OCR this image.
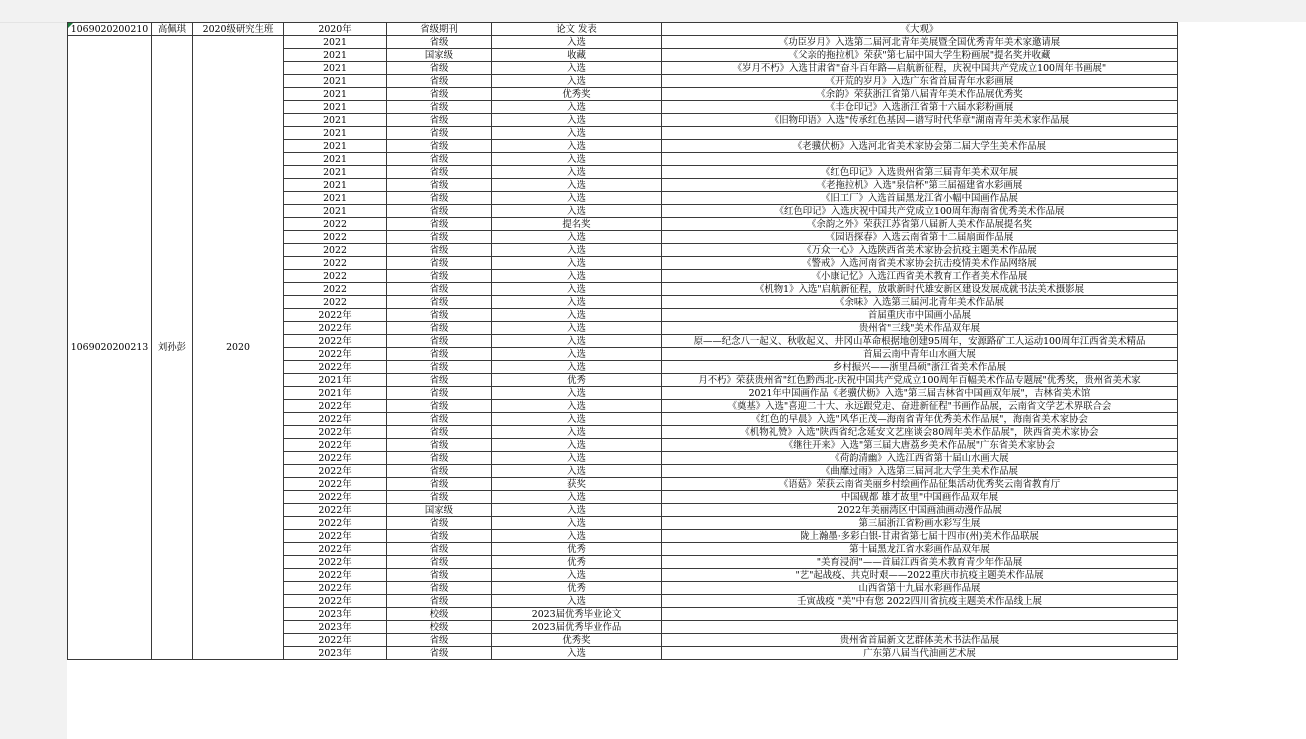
1069020200210	高佩琪	2020级研究生班	2020年	省级期刊	论文 发表	《大观》
1069020200213	刘孙彭	2020	2021	省级	入选	《功臣岁月》入选第二届河北青年美展暨全国优秀青年美术家邀请展
			2021	国家级	收藏	《父亲的拖拉机》荣获"第七届中国大学生粉画展"提名奖并收藏
			2021	省级	入选	《岁月不朽》入选甘肃省"奋斗百年路—启航新征程，庆祝中国共产党成立100周年书画展"
			2021	省级	入选	《开荒的岁月》入选广东省首届青年水彩画展
			2021	省级	优秀奖	《余韵》荣获浙江省第八届青年美术作品展优秀奖
			2021	省级	入选	《丰仓印记》入选浙江省第十六届水彩粉画展
			2021	省级	入选	《旧物印语》入选"传承红色基因—谱写时代华章"湖南青年美术家作品展
			2021	省级	入选	
			2021	省级	入选	《老骥伏枥》入选河北省美术家协会第二届大学生美术作品展
			2021	省级	入选	
			2021	省级	入选	《红色印记》入选贵州省第三届青年美术双年展
			2021	省级	入选	《老拖拉机》入选"泉信杯"第三届福建省水彩画展
			2021	省级	入选	《旧工厂》入选首届黑龙江省小幅中国画作品展
			2021	省级	入选	《红色印记》入选庆祝中国共产党成立100周年海南省优秀美术作品展
			2022	省级	提名奖	《余韵之外》荣获江苏省第八届新人美术作品展提名奖
			2022	省级	入选	《园语探春》入选云南省第十二届扇面作品展
			2022	省级	入选	《万众一心》入选陕西省美术家协会抗疫主题美术作品展
			2022	省级	入选	《警戒》入选河南省美术家协会抗击疫情美术作品网络展
			2022	省级	入选	《小康记忆》入选江西省美术教育工作者美术作品展
			2022	省级	入选	《机物1》入选"启航新征程，放歌新时代雄安新区建设发展成就书法美术摄影展
			2022	省级	入选	《余味》入选第三届河北青年美术作品展
			2022年	省级	入选	首届重庆市中国画小品展
			2022年	省级	入选	贵州省"三线"美术作品双年展
			2022年	省级	入选	原——纪念八一起义、秋收起义、井冈山革命根据地创建95周年，安源路矿工人运动100周年江西省美术精品
			2022年	省级	入选	首届云南中青年山水画大展
			2022年	省级	入选	乡村振兴——浙里昌硕"浙江省美术作品展
			2021年	省级	优秀	月不朽》荣获贵州省"红色黔西北-庆祝中国共产党成立100周年百幅美术作品专题展"优秀奖，贵州省美术家
			2021年	省级	入选	2021年中国画作品《老骥伏枥》入选"第三届吉林省中国画双年展"，吉林省美术馆
			2022年	省级	入选	《奠基》入选"喜迎二十大、永远跟党走、奋进新征程"书画作品展，云南省文学艺术界联合会
			2022年	省级	入选	《红色的早晨》入选"风华正茂—海南省青年优秀美术作品展"，海南省美术家协会
			2022年	省级	入选	《机物礼赞》入选"陕西省纪念延安文艺座谈会80周年美术作品展"，陕西省美术家协会
			2022年	省级	入选	《继往开来》入选"第三届大唐荔乡美术作品展"广东省美术家协会
			2022年	省级	入选	《荷韵清幽》入选江西省第十届山水画大展
			2022年	省级	入选	《曲靡过雨》入选第三届河北大学生美术作品展
			2022年	省级	获奖	《语菇》荣获云南省美丽乡村绘画作品征集活动优秀奖云南省教育厅
			2022年	省级	入选	中国砚都 雄才故里"中国画作品双年展
			2022年	国家级	入选	2022年美丽湾区中国画油画动漫作品展
			2022年	省级	入选	第三届浙江省粉画水彩写生展
			2022年	省级	入选	陇上瀚墨·多彩白银-甘肃省第七届十四市(州)美术作品联展
			2022年	省级	优秀	第十届黑龙江省水彩画作品双年展
			2022年	省级	优秀	"美育浸润"——首届江西省美术教育青少年作品展
			2022年	省级	入选	"艺"起战疫、共克时艰——2022重庆市抗疫主题美术作品展
			2022年	省级	优秀	山西省第十九届水彩画作品展
			2022年	省级	入选	壬寅战疫 "美"中有您 2022四川省抗疫主题美术作品线上展
			2023年	校级	2023届优秀毕业论文	
			2023年	校级	2023届优秀毕业作品	
			2022年	省级	优秀奖	贵州省首届新文艺群体美术书法作品展
			2023年	省级	入选	广东第八届当代油画艺术展
